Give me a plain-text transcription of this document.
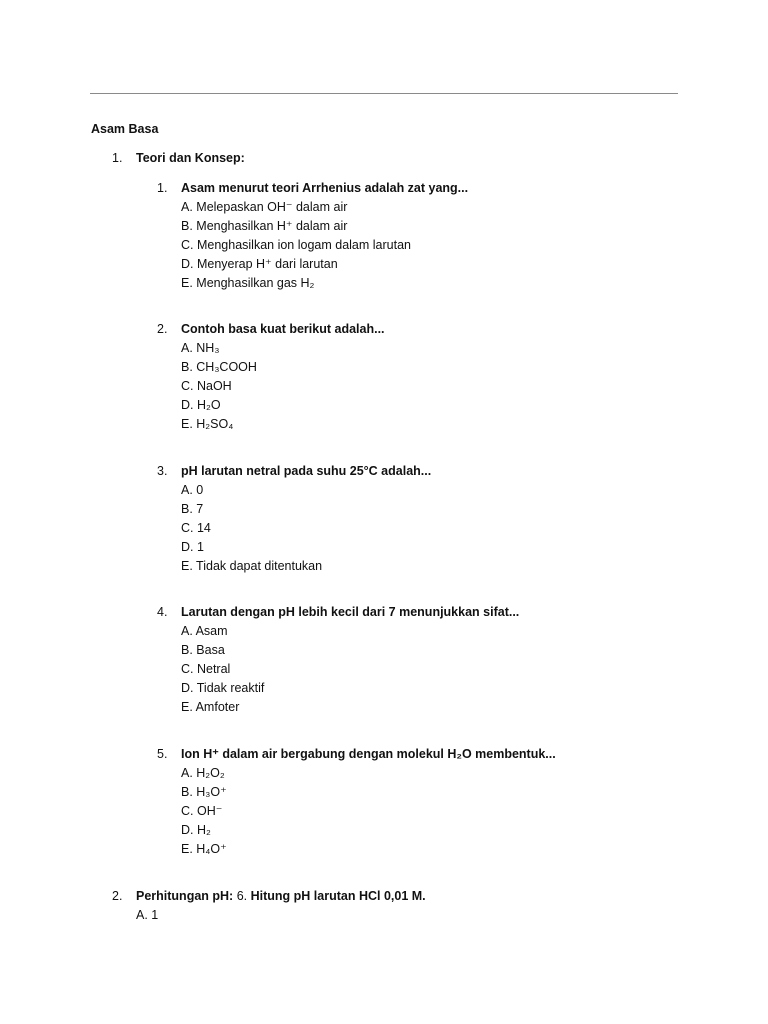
Asam Basa
1. Teori dan Konsep:
1. Asam menurut teori Arrhenius adalah zat yang...
A. Melepaskan OH⁻ dalam air
B. Menghasilkan H⁺ dalam air
C. Menghasilkan ion logam dalam larutan
D. Menyerap H⁺ dari larutan
E. Menghasilkan gas H₂
2. Contoh basa kuat berikut adalah...
A. NH₃
B. CH₃COOH
C. NaOH
D. H₂O
E. H₂SO₄
3. pH larutan netral pada suhu 25°C adalah...
A. 0
B. 7
C. 14
D. 1
E. Tidak dapat ditentukan
4. Larutan dengan pH lebih kecil dari 7 menunjukkan sifat...
A. Asam
B. Basa
C. Netral
D. Tidak reaktif
E. Amfoter
5. Ion H⁺ dalam air bergabung dengan molekul H₂O membentuk...
A. H₂O₂
B. H₃O⁺
C. OH⁻
D. H₂
E. H₄O⁺
2. Perhitungan pH: 6. Hitung pH larutan HCl 0,01 M.
A. 1
